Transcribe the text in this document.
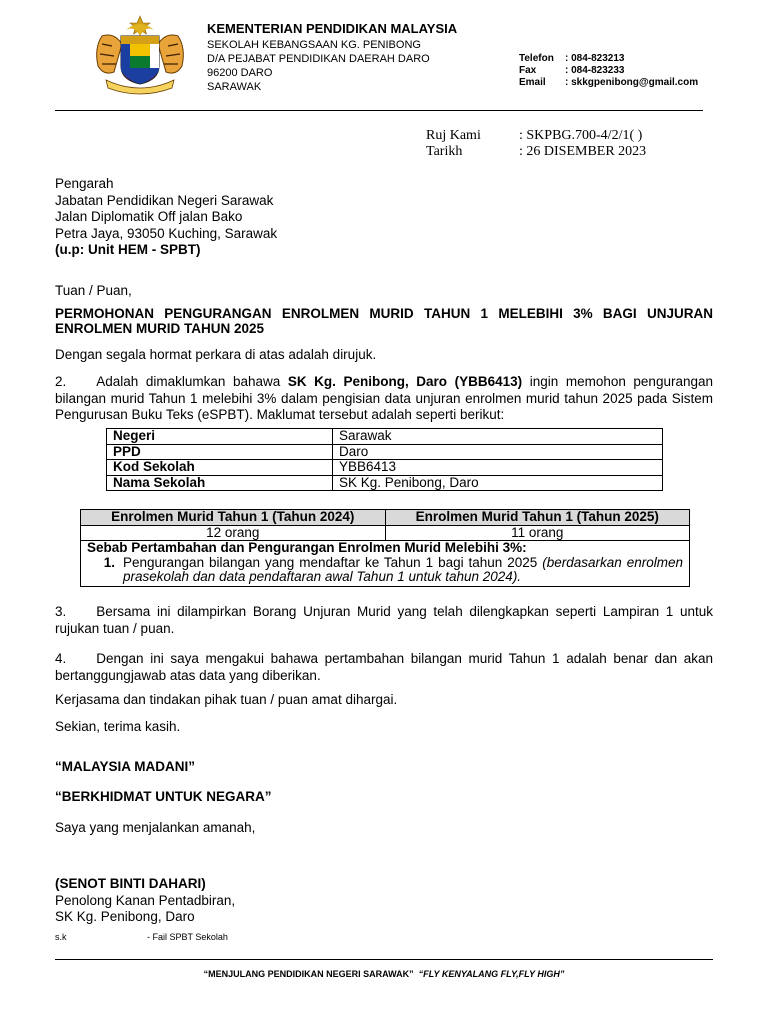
KEMENTERIAN PENDIDIKAN MALAYSIA
SEKOLAH KEBANGSAAN KG. PENIBONG
D/A PEJABAT PENDIDIKAN DAERAH DARO
96200 DARO
SARAWAK
Telefon	: 084-823213
Fax	: 084-823233
Email	: skkgpenibong@gmail.com
Ruj Kami	: SKPBG.700-4/2/1( )
Tarikh	: 26 DISEMBER 2023
Pengarah
Jabatan Pendidikan Negeri Sarawak
Jalan Diplomatik Off jalan Bako
Petra Jaya, 93050 Kuching, Sarawak
(u.p: Unit HEM - SPBT)
Tuan / Puan,
PERMOHONAN PENGURANGAN ENROLMEN MURID TAHUN 1 MELEBIHI 3% BAGI UNJURAN ENROLMEN MURID TAHUN 2025
Dengan segala hormat perkara di atas adalah dirujuk.
2. Adalah dimaklumkan bahawa SK Kg. Penibong, Daro (YBB6413) ingin memohon pengurangan bilangan murid Tahun 1 melebihi 3% dalam pengisian data unjuran enrolmen murid tahun 2025 pada Sistem Pengurusan Buku Teks (eSPBT). Maklumat tersebut adalah seperti berikut:
Negeri	Sarawak
PPD	Daro
Kod Sekolah	YBB6413
Nama Sekolah	SK Kg. Penibong, Daro
Enrolmen Murid Tahun 1 (Tahun 2024)	Enrolmen Murid Tahun 1 (Tahun 2025)
12 orang	11 orang

Sebab Pertambahan dan Pengurangan Enrolmen Murid Melebihi 3%:
1. Pengurangan bilangan yang mendaftar ke Tahun 1 bagi tahun 2025 (berdasarkan enrolmen prasekolah dan data pendaftaran awal Tahun 1 untuk tahun 2024).	
3. Bersama ini dilampirkan Borang Unjuran Murid yang telah dilengkapkan seperti Lampiran 1 untuk rujukan tuan / puan.
4. Dengan ini saya mengakui bahawa pertambahan bilangan murid Tahun 1 adalah benar dan akan bertanggungjawab atas data yang diberikan.
Kerjasama dan tindakan pihak tuan / puan amat dihargai.
Sekian, terima kasih.
“MALAYSIA MADANI”
“BERKHIDMAT UNTUK NEGARA”
Saya yang menjalankan amanah,
(SENOT BINTI DAHARI)
Penolong Kanan Pentadbiran,
SK Kg. Penibong, Daro
s.k	- Fail SPBT Sekolah
“MENJULANG PENDIDIKAN NEGERI SARAWAK” “FLY KENYALANG FLY,FLY HIGH”
